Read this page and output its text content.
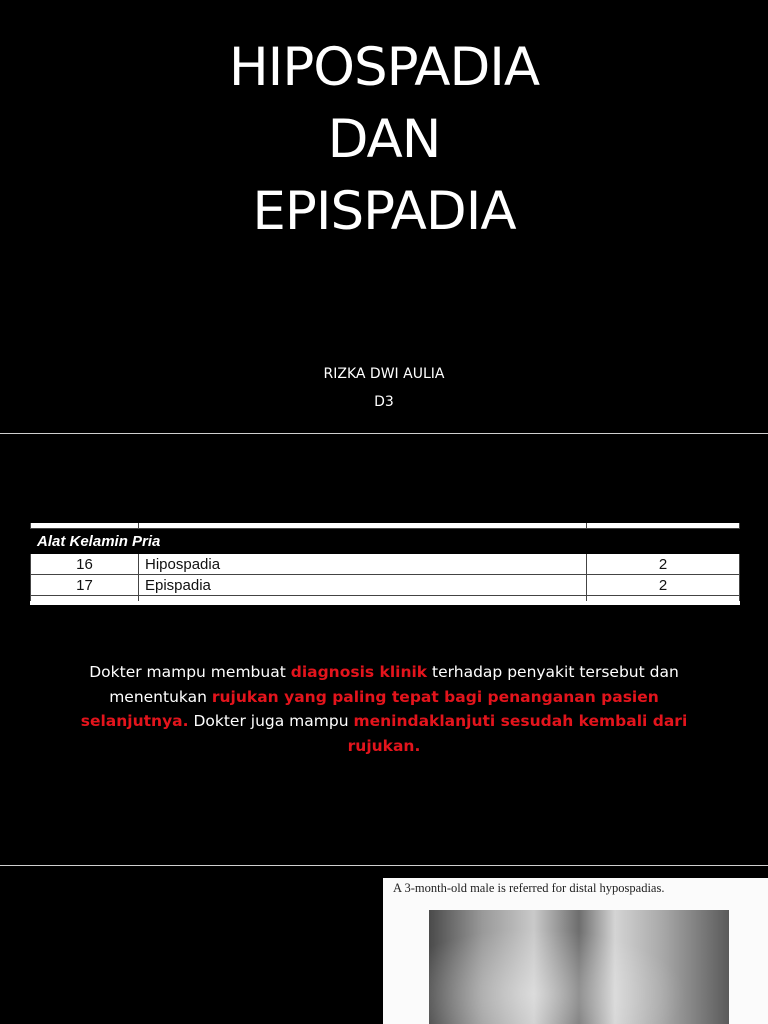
HIPOSPADIA
DAN
EPISPADIA
RIZKA DWI AULIA
D3

Alat Kelamin Pria		
16	Hipospadia	2
17	Epispadia	2

Dokter mampu membuat diagnosis klinik terhadap penyakit tersebut dan menentukan rujukan yang paling tepat bagi penanganan pasien selanjutnya. Dokter juga mampu menindaklanjuti sesudah kembali dari rujukan.
A 3-month-old male is referred for distal hypospadias.
